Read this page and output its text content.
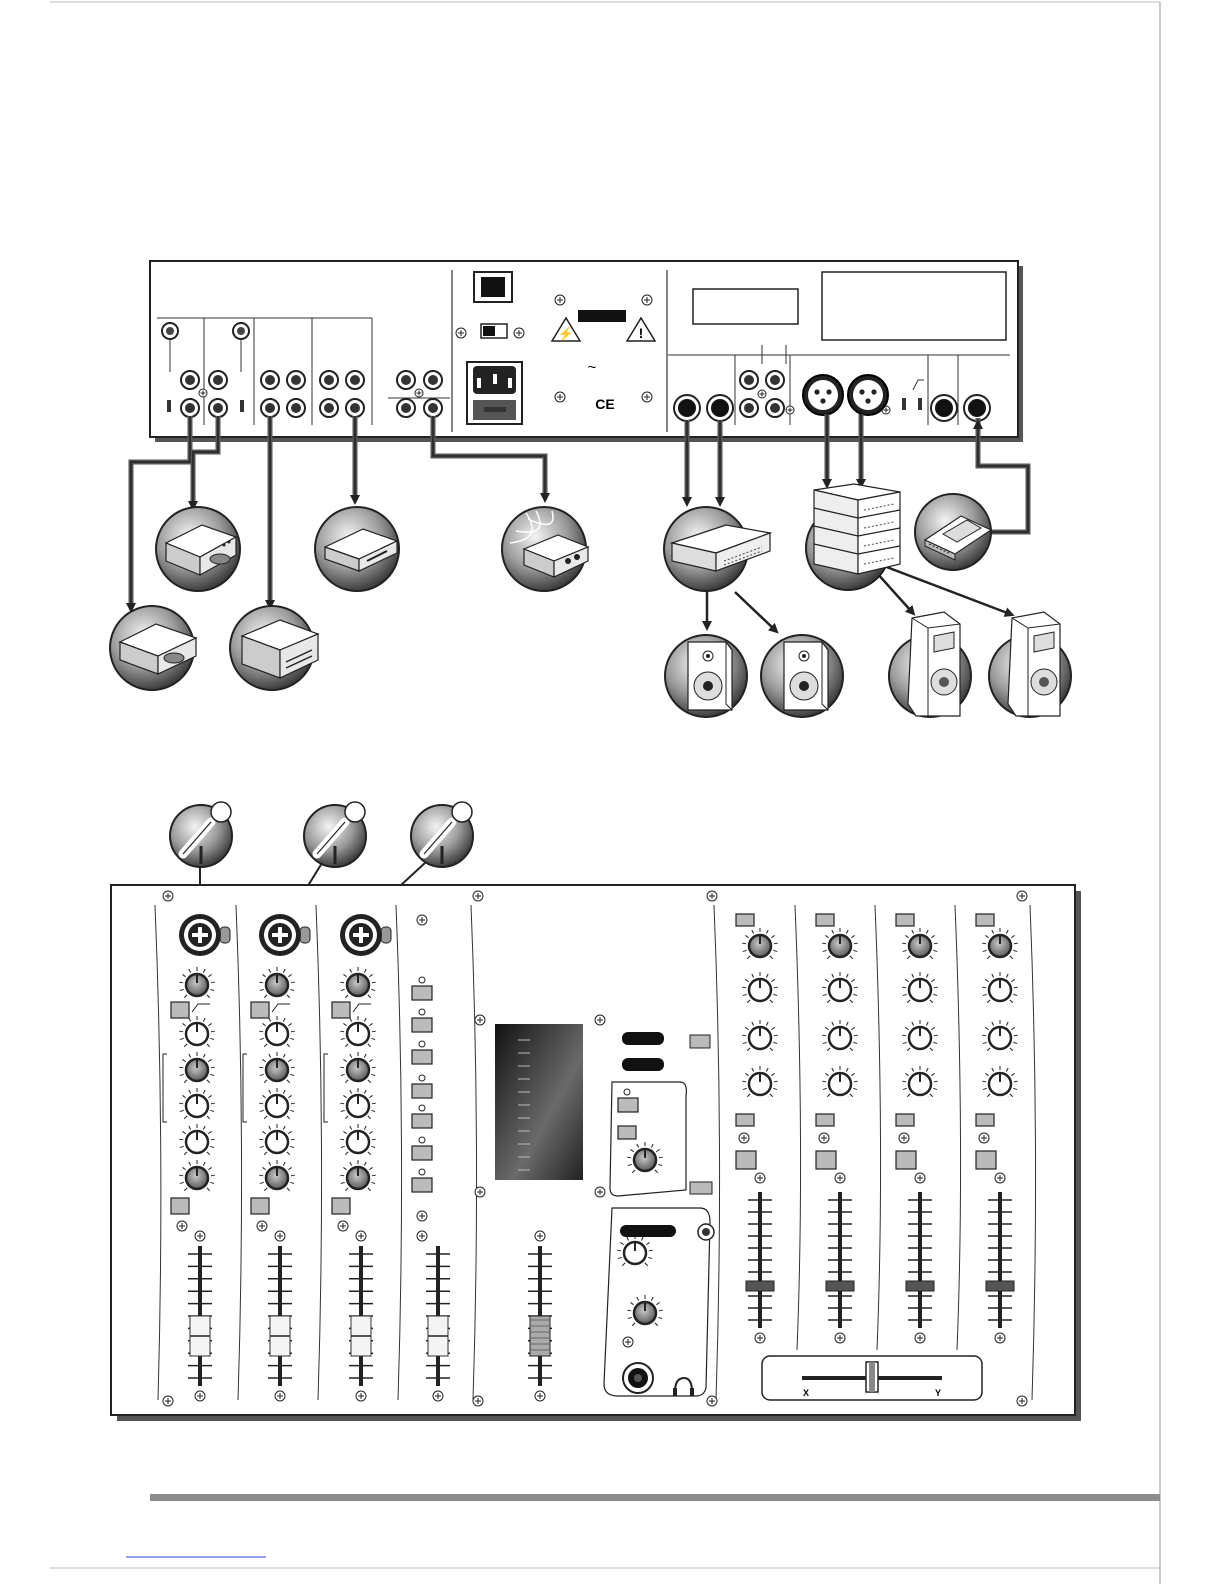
⚡	!
~
CE
X	Y
